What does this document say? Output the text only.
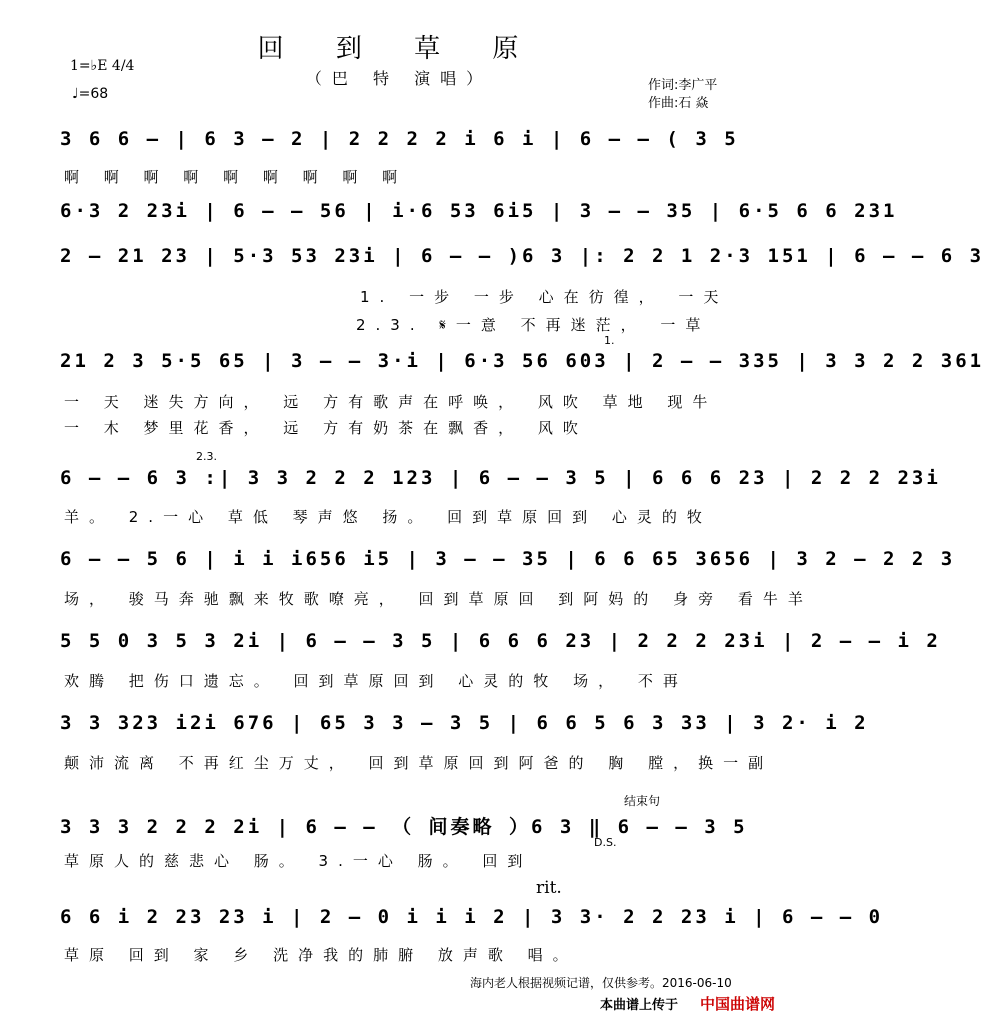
回 到 草 原
（巴 特 演唱）
1=♭E 4/4
♩=68
作词:李广平
作曲:石 焱
3 6 6 – | 6 3 – 2 | 2 2 2 2 i 6 i | 6 – – ( 3 5
啊 啊 啊 啊 啊 啊 啊 啊 啊
6·3 2 23i | 6 – – 56 | i·6 53 6i5 | 3 – – 35 | 6·5 6 6 231
2 – 21 23 | 5·3 53 23i | 6 – – )6 3 |: 2 2 1 2·3 151 | 6 – – 6 3
1. 一步 一步 心在彷徨， 一天
2.3. 𝄋一意 不再迷茫， 一草
1.
21 2 3 5·5 65 | 3 – – 3·i | 6·3 56 603 | 2 – – 335 | 3 3 2 2 361
一 天 迷失方向， 远 方有歌声在呼唤， 风吹 草地 现牛
一 木 梦里花香， 远 方有奶茶在飘香， 风吹
2.3.
6 – – 6 3 :| 3 3 2 2 2 123 | 6 – – 3 5 | 6 6 6 23 | 2 2 2 23i
羊。 2.一心 草低 琴声悠 扬。 回到草原回到 心灵的牧
6 – – 5 6 | i i i656 i5 | 3 – – 35 | 6 6 65 3656 | 3 2 – 2 2 3
场， 骏马奔驰飘来牧歌嘹亮， 回到草原回 到阿妈的 身旁 看牛羊
5 5 0 3 5 3 2i | 6 – – 3 5 | 6 6 6 23 | 2 2 2 23i | 2 – – i 2
欢腾 把伤口遗忘。 回到草原回到 心灵的牧 场， 不再
3 3 323 i2i 676 | 65 3 3 – 3 5 | 6 6 5 6 3 33 | 3 2· i 2
颠沛流离 不再红尘万丈， 回到草原回到阿爸的 胸 膛，换一副
结束句
3 3 3 2 2 2 2i | 6 – – （ 间奏略 ）6 3 ‖ 6 – – 3 5
D.S.
草原人的慈悲心 肠。 3.一心 肠。 回到
rit.
6 6 i 2 23 23 i | 2 – 0 i i i 2 | 3 3· 2 2 23 i | 6 – – 0
草原 回到 家 乡 洗净我的肺腑 放声歌 唱。
海内老人根据视频记谱，仅供参考。2016-06-10
本曲谱上传于 中国曲谱网
